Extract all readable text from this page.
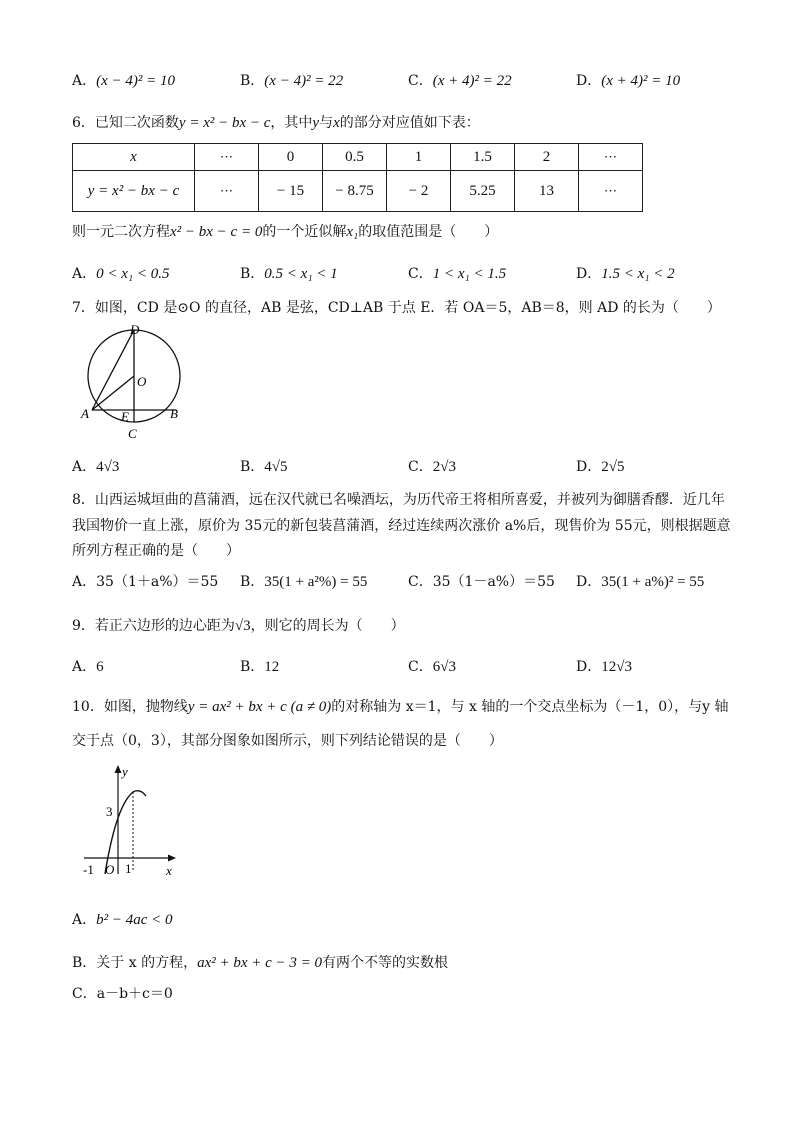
A．(x − 4)² = 10	B．(x − 4)² = 22	C．(x + 4)² = 22	D．(x + 4)² = 10
6．已知二次函数y = x² − bx − c，其中y与x的部分对应值如下表：
x	⋯	0	0.5	1	1.5	2	⋯
y = x² − bx − c	⋯	− 15	− 8.75	− 2	5.25	13	⋯
则一元二次方程x² − bx − c = 0的一个近似解x₁的取值范围是（　　）
A．0 < x₁ < 0.5	B．0.5 < x₁ < 1	C．1 < x₁ < 1.5	D．1.5 < x₁ < 2
7．如图，CD 是⊙O 的直径，AB 是弦，CD⊥AB 于点 E．若 OA＝5，AB＝8，则 AD 的长为（　　）
D
O
A E	B
C
A．4√3	B．4√5	C．2√3	D．2√5
8．山西运城垣曲的菖蒲酒，远在汉代就已名噪酒坛，为历代帝王将相所喜爱，并被列为御膳香醪．近几年
我国物价一直上涨，原价为 35元的新包装菖蒲酒，经过连续两次涨价 a%后，现售价为 55元，则根据题意
所列方程正确的是（　　）
A．35（1＋a%）＝55 B．35(1 + a²%) = 55	C．35（1－a%）＝55 D．35(1 + a%)² = 55
9．若正六边形的边心距为√3，则它的周长为（　　）
A．6	B．12	C．6√3	D．12√3
10．如图，抛物线y = ax² + bx + c (a ≠ 0)的对称轴为 x＝1，与 x 轴的一个交点坐标为（－1，0），与y 轴
交于点（0，3），其部分图象如图所示，则下列结论错误的是（　　）
y
3
-1 O 1	x
A．b² − 4ac < 0
B．关于 x 的方程，ax² + bx + c − 3 = 0有两个不等的实数根
C．a－b＋c＝0
